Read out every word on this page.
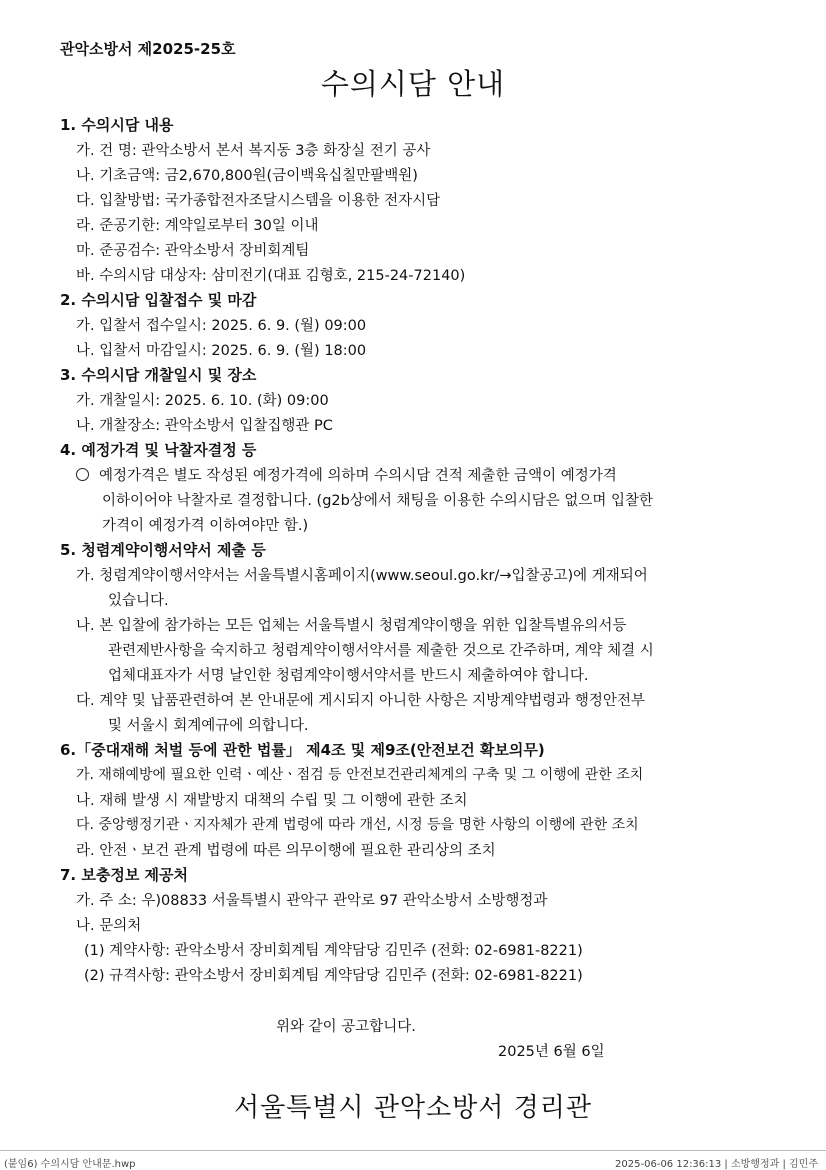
관악소방서 제2025-25호
수의시담 안내
1. 수의시담 내용
가. 건 명: 관악소방서 본서 복지동 3층 화장실 전기 공사
나. 기초금액: 금2,670,800원(금이백육십칠만팔백원)
다. 입찰방법: 국가종합전자조달시스템을 이용한 전자시담
라. 준공기한: 계약일로부터 30일 이내
마. 준공검수: 관악소방서 장비회계팀
바. 수의시담 대상자: 삼미전기(대표 김형호, 215-24-72140)
2. 수의시담 입찰접수 및 마감
가. 입찰서 접수일시: 2025. 6. 9. (월) 09:00
나. 입찰서 마감일시: 2025. 6. 9. (월) 18:00
3. 수의시담 개찰일시 및 장소
가. 개찰일시: 2025. 6. 10. (화) 09:00
나. 개찰장소: 관악소방서 입찰집행관 PC
4. 예정가격 및 낙찰자결정 등
예정가격은 별도 작성된 예정가격에 의하며 수의시담 견적 제출한 금액이 예정가격
이하이어야 낙찰자로 결정합니다. (g2b상에서 채팅을 이용한 수의시담은 없으며 입찰한
가격이 예정가격 이하여야만 함.)
5. 청렴계약이행서약서 제출 등
가. 청렴계약이행서약서는 서울특별시홈페이지(www.seoul.go.kr/→입찰공고)에 게재되어
있습니다.
나. 본 입찰에 참가하는 모든 업체는 서울특별시 청렴계약이행을 위한 입찰특별유의서등
관련제반사항을 숙지하고 청렴계약이행서약서를 제출한 것으로 간주하며, 계약 체결 시
업체대표자가 서명 날인한 청렴계약이행서약서를 반드시 제출하여야 합니다.
다. 계약 및 납품관련하여 본 안내문에 게시되지 아니한 사항은 지방계약법령과 행정안전부
및 서울시 회계예규에 의합니다.
6.「중대재해 처벌 등에 관한 법률」 제4조 및 제9조(안전보건 확보의무)
가. 재해예방에 필요한 인력ㆍ예산ㆍ점검 등 안전보건관리체계의 구축 및 그 이행에 관한 조치
나. 재해 발생 시 재발방지 대책의 수립 및 그 이행에 관한 조치
다. 중앙행정기관ㆍ지자체가 관계 법령에 따라 개선, 시정 등을 명한 사항의 이행에 관한 조치
라. 안전ㆍ보건 관계 법령에 따른 의무이행에 필요한 관리상의 조치
7. 보충정보 제공처
가. 주 소: 우)08833 서울특별시 관악구 관악로 97 관악소방서 소방행정과
나. 문의처
(1) 계약사항: 관악소방서 장비회계팀 계약담당 김민주 (전화: 02-6981-8221)
(2) 규격사항: 관악소방서 장비회계팀 계약담당 김민주 (전화: 02-6981-8221)
위와 같이 공고합니다.
2025년 6월 6일
서울특별시 관악소방서 경리관
(붙임6) 수의시담 안내문.hwp	2025-06-06 12:36:13 | 소방행정과 | 김민주
